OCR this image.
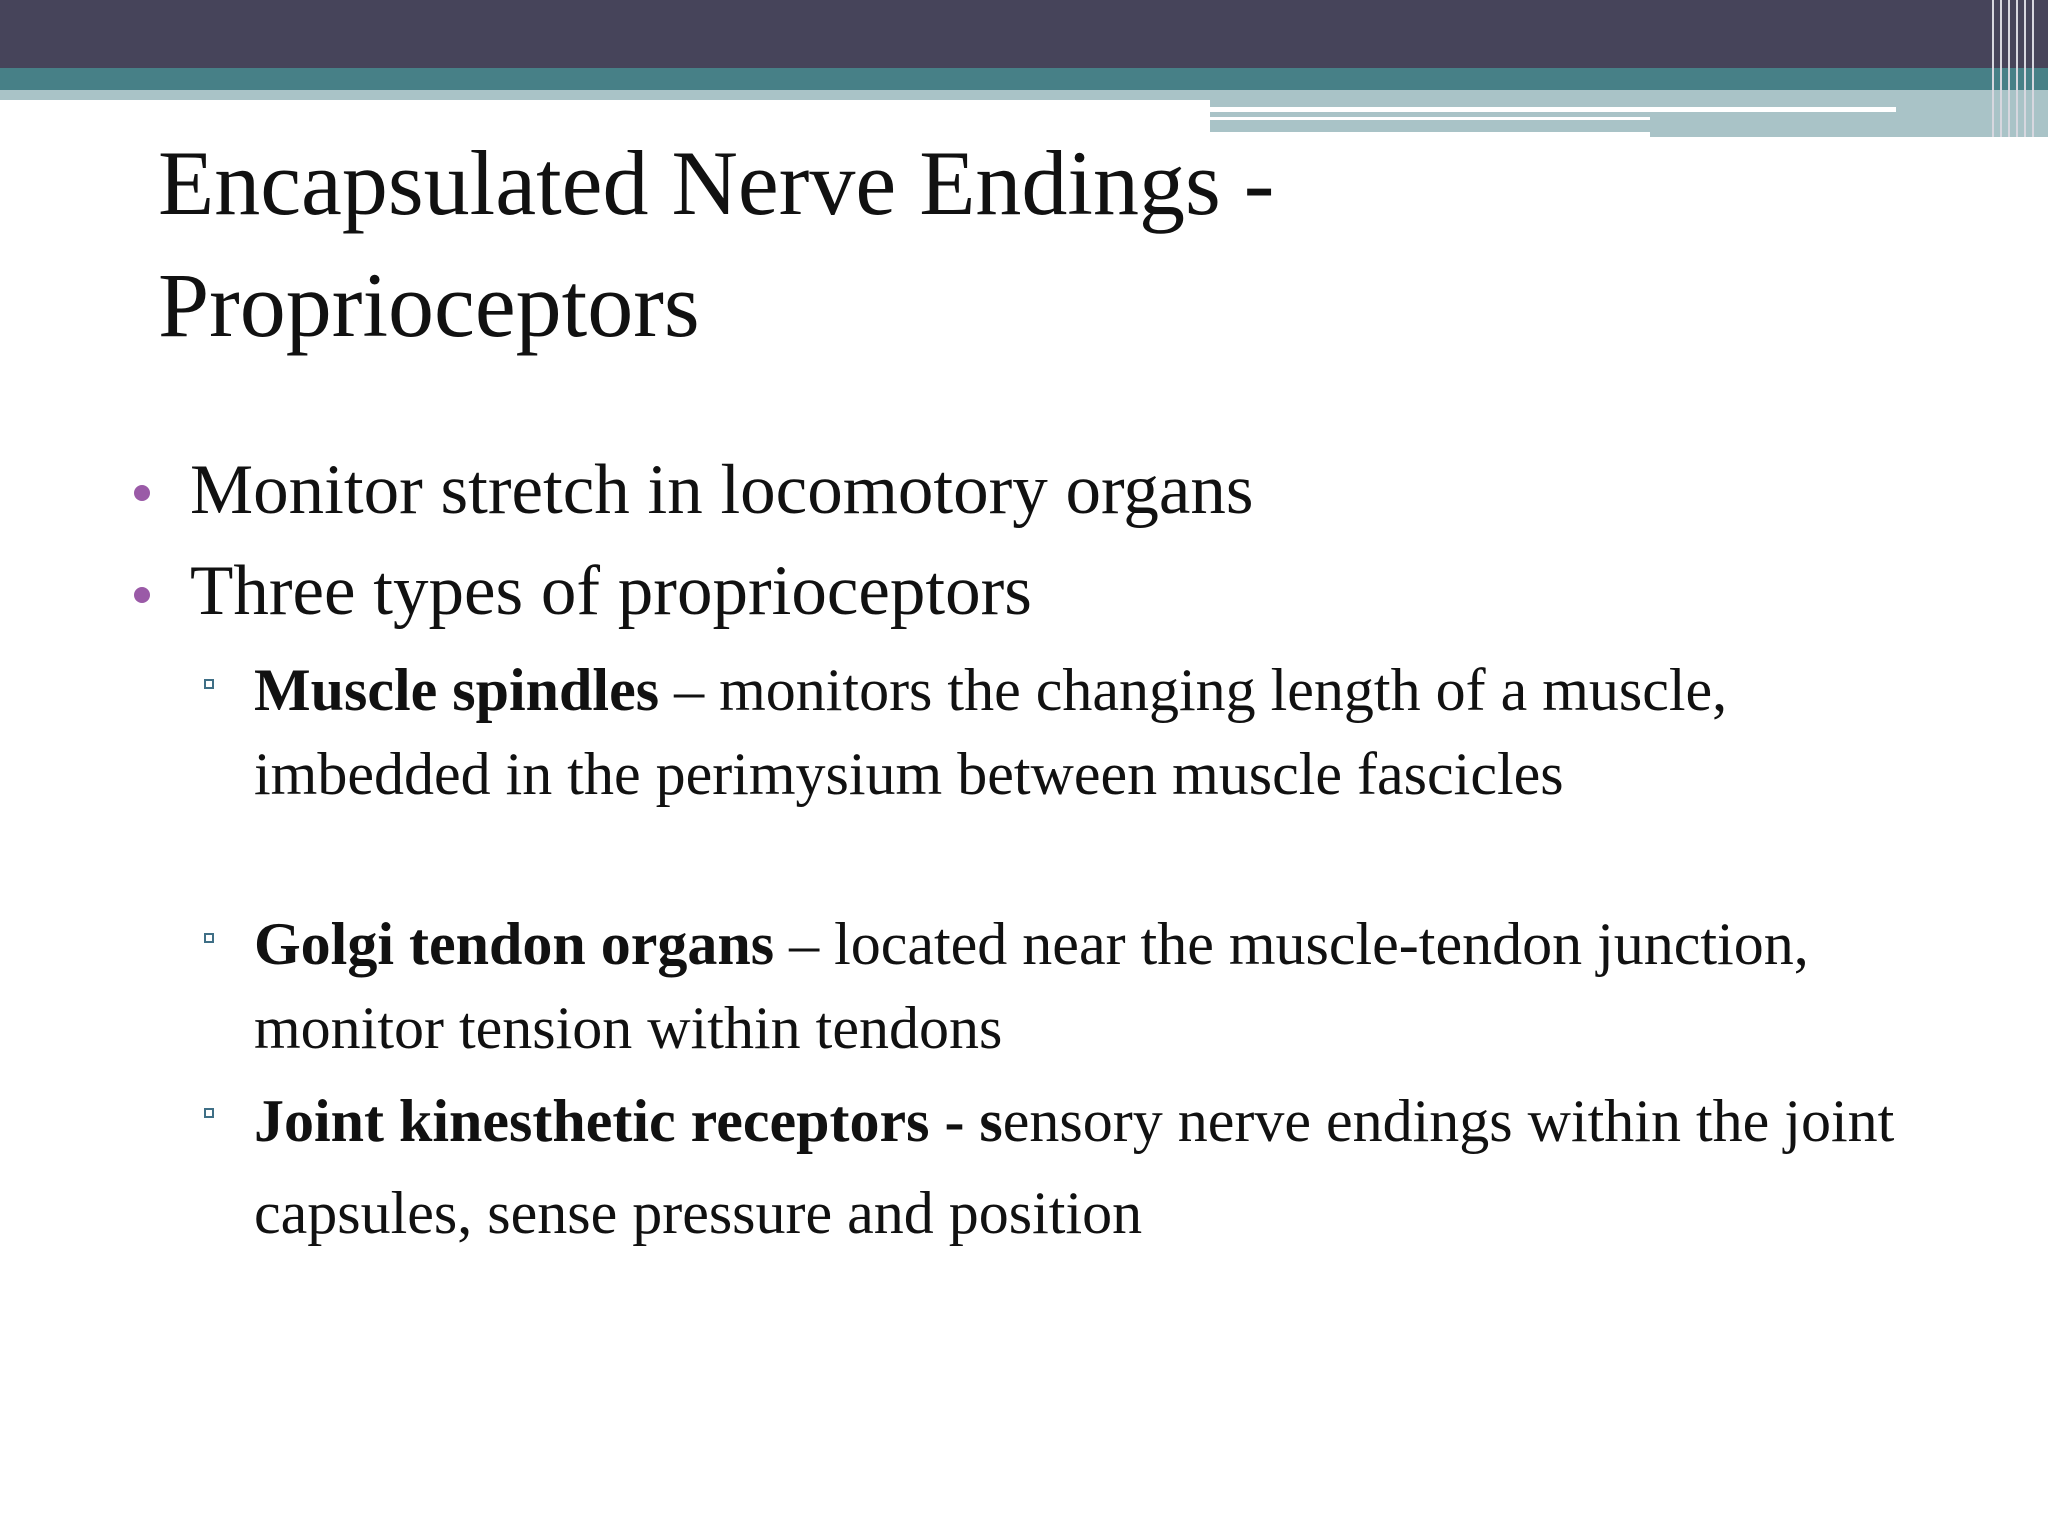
Encapsulated Nerve Endings -
Proprioceptors
Monitor stretch in locomotory organs
Three types of proprioceptors
Muscle spindles – monitors the changing length of a muscle, imbedded in the perimysium between muscle fascicles
Golgi tendon organs – located near the muscle-tendon junction, monitor tension within tendons
Joint kinesthetic receptors - sensory nerve endings within the joint capsules, sense pressure and position
